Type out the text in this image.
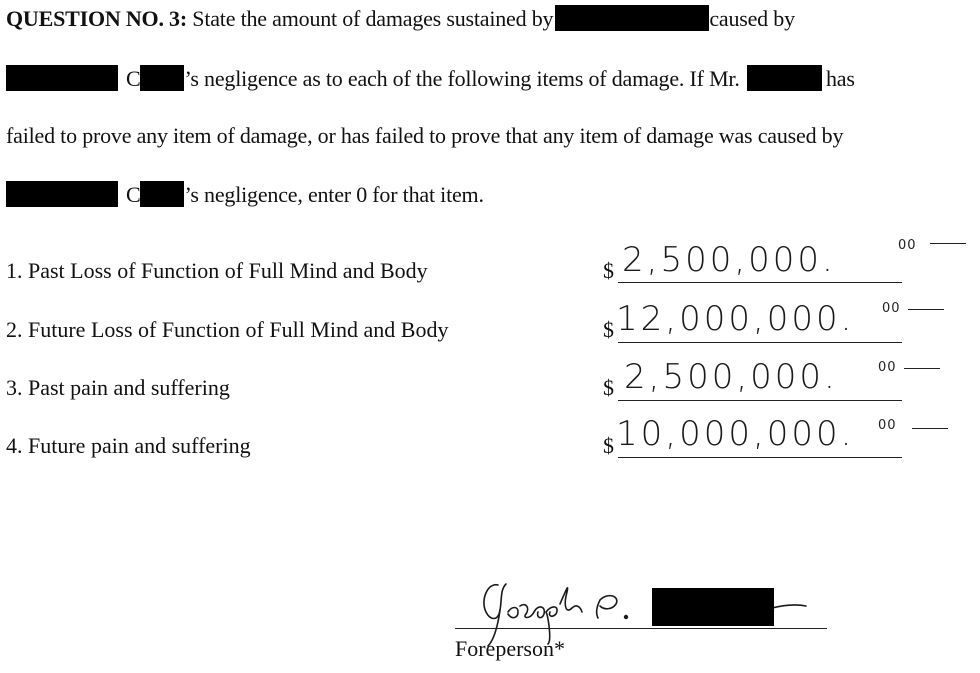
QUESTION NO. 3: State the amount of damages sustained by	caused by
C ’s negligence as to each of the following items of damage. If Mr.	has
failed to prove any item of damage, or has failed to prove that any item of damage was caused by
C ’s negligence, enter 0 for that item.
1. Past Loss of Function of Full Mind and Body	$ 2,500,000.	00
2. Future Loss of Function of Full Mind and Body	$ 12,000,000. 00
3. Past pain and suffering	$ 2,500,000.	00
4. Future pain and suffering	$ 10,000,000. 00
Foreperson*
